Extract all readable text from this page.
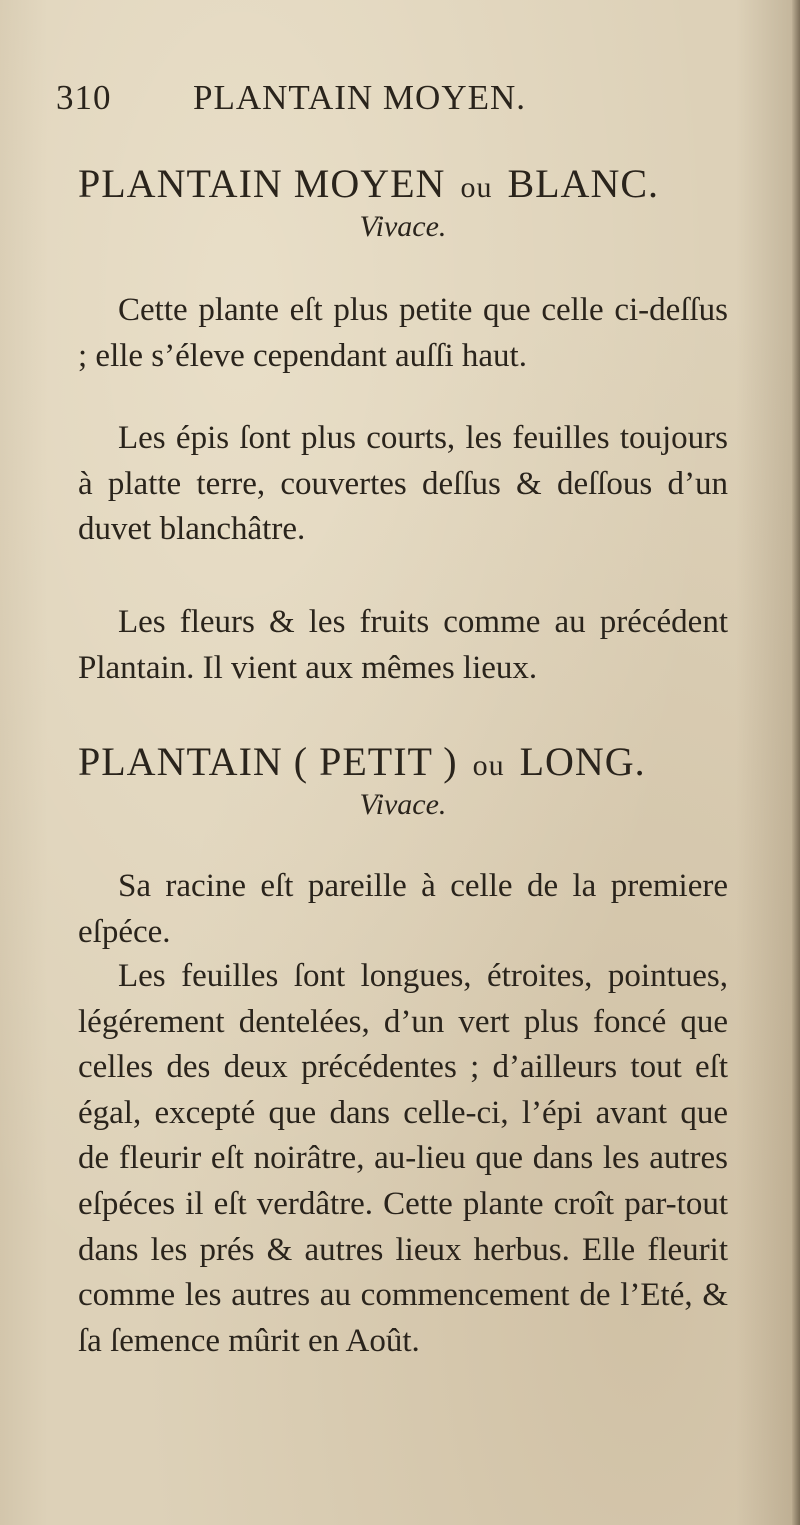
310 PLANTAIN MOYEN.
PLANTAIN MOYEN ou BLANC.
Vivace.

Cette plante eſt plus petite que celle ci-deſſus ; elle s’éleve cependant auſſi haut.

Les épis ſont plus courts, les feuilles toujours à platte terre, couvertes deſſus & deſſous d’un duvet blanchâtre.

Les fleurs & les fruits comme au précédent Plantain. Il vient aux mêmes lieux.

PLANTAIN ( PETIT ) ou LONG.
Vivace.

Sa racine eſt pareille à celle de la premiere eſpéce.

Les feuilles ſont longues, étroites, pointues, légérement dentelées, d’un vert plus foncé que celles des deux précédentes ; d’ailleurs tout eſt égal, excepté que dans celle-ci, l’épi avant que de fleurir eſt noirâtre, au-lieu que dans les autres eſpéces il eſt verdâtre. Cette plante croît par-tout dans les prés & autres lieux herbus. Elle fleurit comme les autres au commencement de l’Eté, & ſa ſemence mûrit en Août.
